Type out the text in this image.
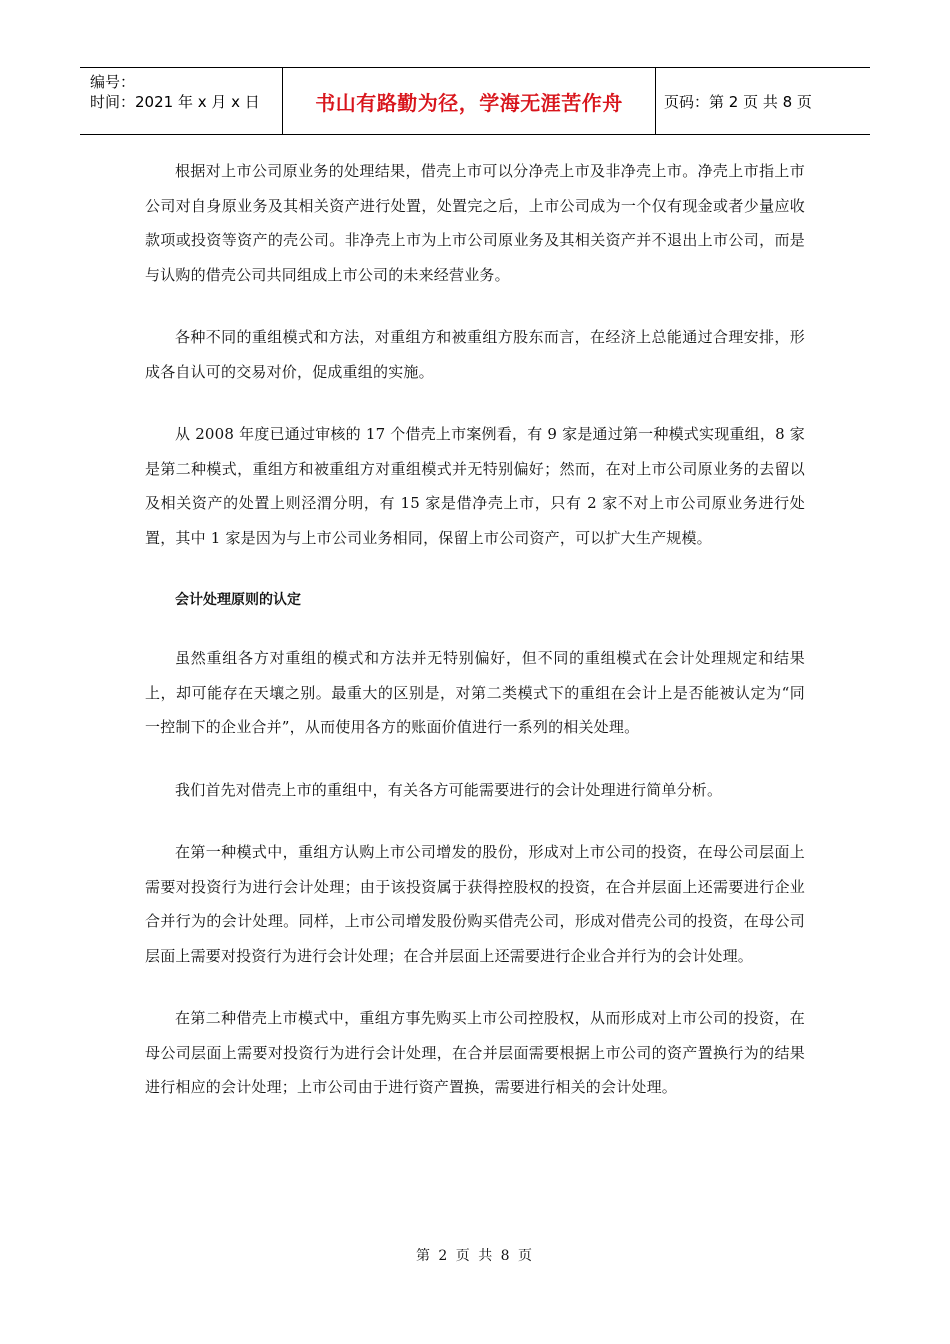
编号：
时间：2021 年 x 月 x 日	书山有路勤为径，学海无涯苦作舟	页码：第 2 页 共 8 页

根据对上市公司原业务的处理结果，借壳上市可以分净壳上市及非净壳上市。净壳上市指上市公司对自身原业务及其相关资产进行处置，处置完之后，上市公司成为一个仅有现金或者少量应收款项或投资等资产的壳公司。非净壳上市为上市公司原业务及其相关资产并不退出上市公司，而是与认购的借壳公司共同组成上市公司的未来经营业务。

各种不同的重组模式和方法，对重组方和被重组方股东而言，在经济上总能通过合理安排，形成各自认可的交易对价，促成重组的实施。

从 2008 年度已通过审核的 17 个借壳上市案例看，有 9 家是通过第一种模式实现重组，8 家是第二种模式，重组方和被重组方对重组模式并无特别偏好；然而，在对上市公司原业务的去留以及相关资产的处置上则泾渭分明，有 15 家是借净壳上市，只有 2 家不对上市公司原业务进行处置，其中 1 家是因为与上市公司业务相同，保留上市公司资产，可以扩大生产规模。

会计处理原则的认定

虽然重组各方对重组的模式和方法并无特别偏好，但不同的重组模式在会计处理规定和结果上，却可能存在天壤之别。最重大的区别是，对第二类模式下的重组在会计上是否能被认定为“同一控制下的企业合并”，从而使用各方的账面价值进行一系列的相关处理。

我们首先对借壳上市的重组中，有关各方可能需要进行的会计处理进行简单分析。

在第一种模式中，重组方认购上市公司增发的股份，形成对上市公司的投资，在母公司层面上需要对投资行为进行会计处理；由于该投资属于获得控股权的投资，在合并层面上还需要进行企业合并行为的会计处理。同样，上市公司增发股份购买借壳公司，形成对借壳公司的投资，在母公司层面上需要对投资行为进行会计处理；在合并层面上还需要进行企业合并行为的会计处理。

在第二种借壳上市模式中，重组方事先购买上市公司控股权，从而形成对上市公司的投资，在母公司层面上需要对投资行为进行会计处理，在合并层面需要根据上市公司的资产置换行为的结果进行相应的会计处理；上市公司由于进行资产置换，需要进行相关的会计处理。

第 2 页 共 8 页
